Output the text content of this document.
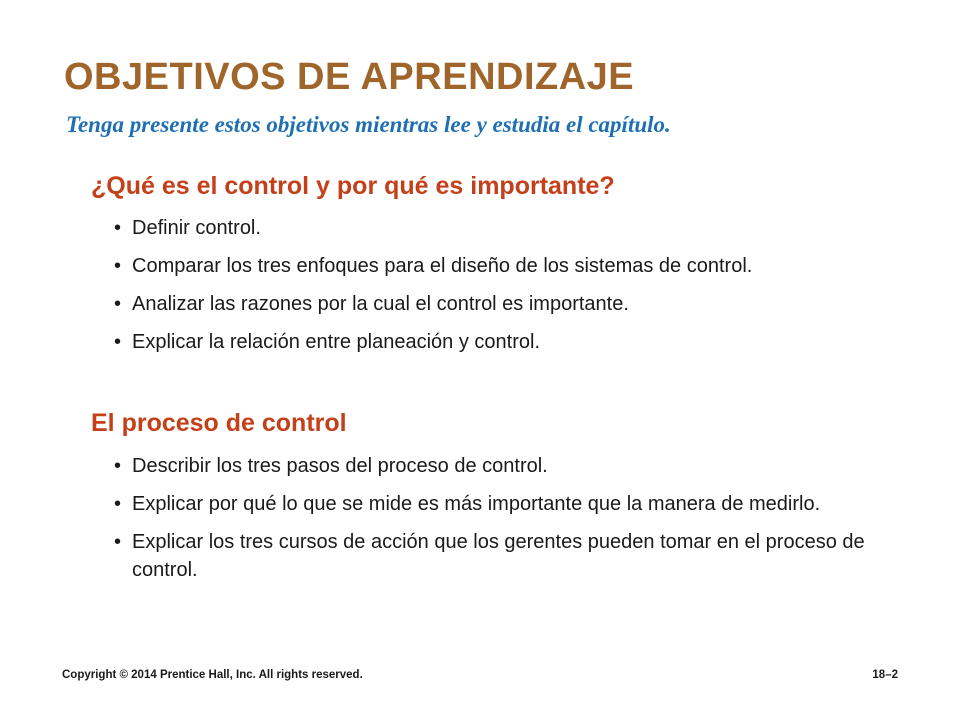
OBJETIVOS DE APRENDIZAJE

Tenga presente estos objetivos mientras lee y estudia el capítulo.

¿Qué es el control y por qué es importante?
• Definir control.
• Comparar los tres enfoques para el diseño de los sistemas de control.
• Analizar las razones por la cual el control es importante.
• Explicar la relación entre planeación y control.
El proceso de control
• Describir los tres pasos del proceso de control.
• Explicar por qué lo que se mide es más importante que la manera de medirlo.
• Explicar los tres cursos de acción que los gerentes pueden tomar en el proceso de control.
Copyright © 2014 Prentice Hall, Inc. All rights reserved.	18–2
